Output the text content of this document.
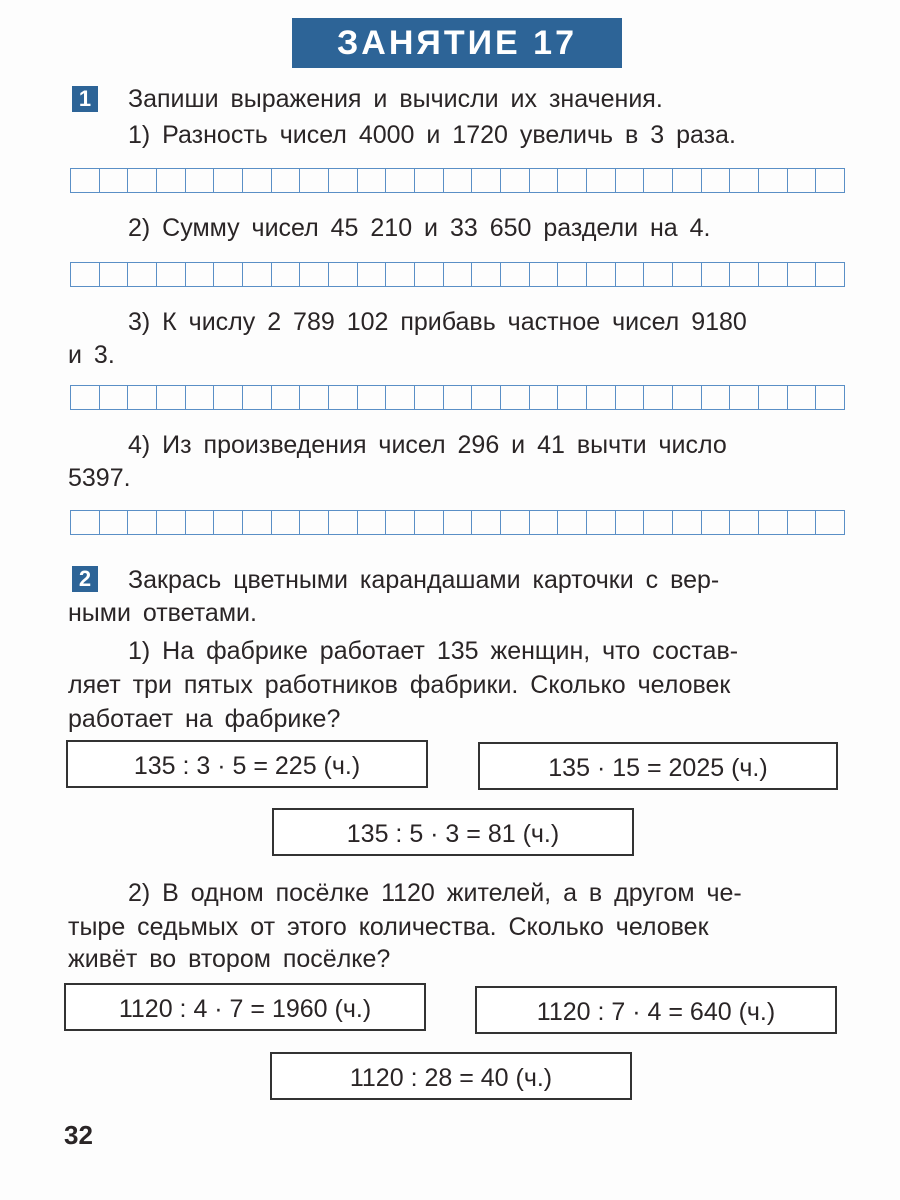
ЗАНЯТИЕ 17
1 Запиши выражения и вычисли их значения.
1) Разность чисел 4000 и 1720 увеличь в 3 раза.
2) Сумму чисел 45 210 и 33 650 раздели на 4.
3) К числу 2 789 102 прибавь частное чисел 9180
и 3.
4) Из произведения чисел 296 и 41 вычти число
5397.
2 Закрась цветными карандашами карточки с вер-
ными ответами.
1) На фабрике работает 135 женщин, что состав-
ляет три пятых работников фабрики. Сколько человек
работает на фабрике?
135 : 3 · 5 = 225 (ч.)	135 · 15 = 2025 (ч.)
135 : 5 · 3 = 81 (ч.)
2) В одном посёлке 1120 жителей, а в другом че-
тыре седьмых от этого количества. Сколько человек
живёт во втором посёлке?
1120 : 4 · 7 = 1960 (ч.)	1120 : 7 · 4 = 640 (ч.)
1120 : 28 = 40 (ч.)
32
